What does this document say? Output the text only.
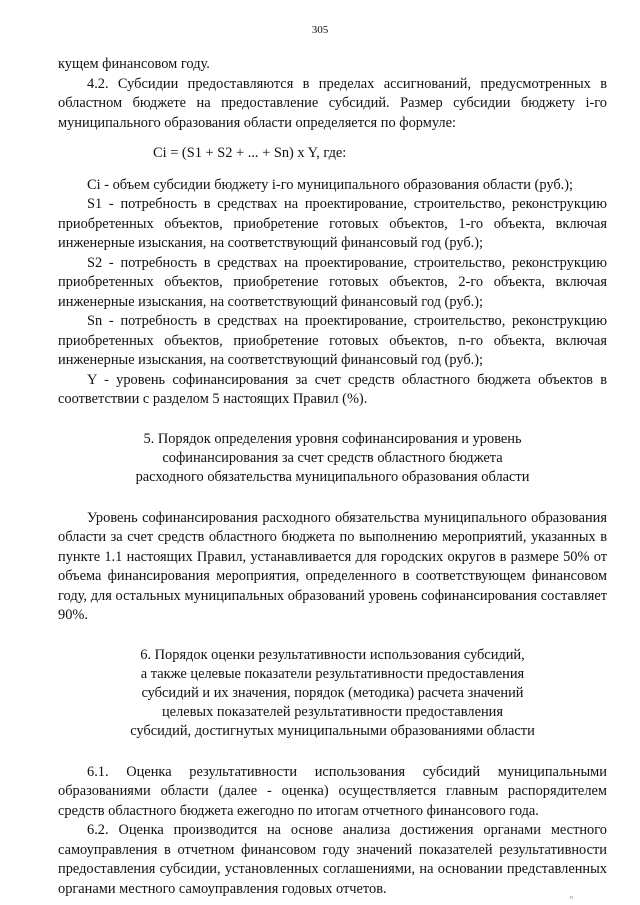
305

кущем финансовом году.

4.2. Субсидии предоставляются в пределах ассигнований, предусмотренных в областном бюджете на предоставление субсидий. Размер субсидии бюджету i-го муниципального образования области определяется по формуле:

Ci = (S1 + S2 + ... + Sn) x Y, где:

Ci - объем субсидии бюджету i-го муниципального образования области (руб.);

S1 - потребность в средствах на проектирование, строительство, реконструкцию приобретенных объектов, приобретение готовых объектов, 1-го объекта, включая инженерные изыскания, на соответствующий финансовый год (руб.);

S2 - потребность в средствах на проектирование, строительство, реконструкцию приобретенных объектов, приобретение готовых объектов, 2-го объекта, включая инженерные изыскания, на соответствующий финансовый год (руб.);

Sn - потребность в средствах на проектирование, строительство, реконструкцию приобретенных объектов, приобретение готовых объектов, n-го объекта, включая инженерные изыскания, на соответствующий финансовый год (руб.);

Y - уровень софинансирования за счет средств областного бюджета объектов в соответствии с разделом 5 настоящих Правил (%).

5. Порядок определения уровня софинансирования и уровень
софинансирования за счет средств областного бюджета
расходного обязательства муниципального образования области

Уровень софинансирования расходного обязательства муниципального образования области за счет средств областного бюджета по выполнению мероприятий, указанных в пункте 1.1 настоящих Правил, устанавливается для городских округов в размере 50% от объема финансирования мероприятия, определенного в соответствующем финансовом году, для остальных муниципальных образований уровень софинансирования составляет 90%.

6. Порядок оценки результативности использования субсидий,
а также целевые показатели результативности предоставления
субсидий и их значения, порядок (методика) расчета значений
целевых показателей результативности предоставления
субсидий, достигнутых муниципальными образованиями области

6.1. Оценка результативности использования субсидий муниципальными образованиями области (далее - оценка) осуществляется главным распорядителем средств областного бюджета ежегодно по итогам отчетного финансового года.

6.2. Оценка производится на основе анализа достижения органами местного самоуправления в отчетном финансовом году значений показателей результативности предоставления субсидии, установленных соглашениями, на основании представленных органами местного самоуправления годовых отчетов.

п
